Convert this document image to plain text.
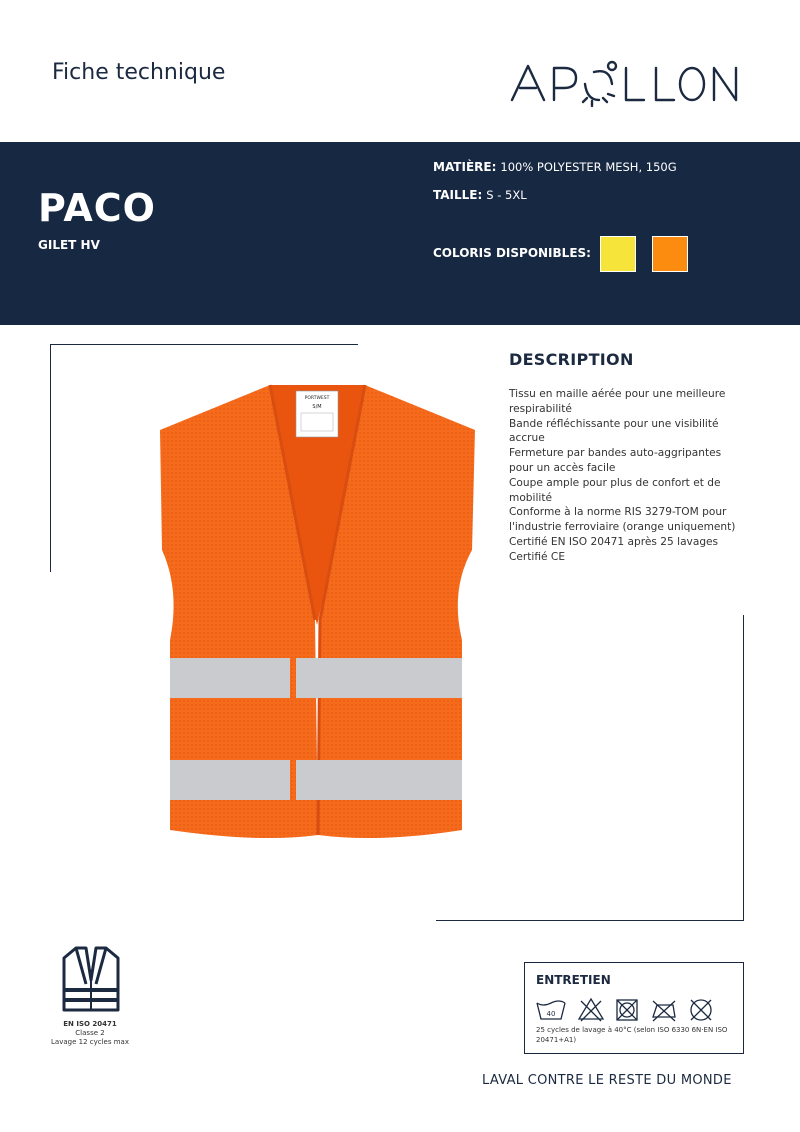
Fiche technique
PACO
GILET HV
MATIÈRE: 100% POLYESTER MESH, 150G
TAILLE: S - 5XL
COLORIS DISPONIBLES:
PORTWEST
S/M
DESCRIPTION
Tissu en maille aérée pour une meilleure
respirabilité
Bande réfléchissante pour une visibilité
accrue
Fermeture par bandes auto-aggripantes
pour un accès facile
Coupe ample pour plus de confort et de
mobilité
Conforme à la norme RIS 3279-TOM pour
l'industrie ferroviaire (orange uniquement)
Certifié EN ISO 20471 après 25 lavages
Certifié CE
EN ISO 20471
Classe 2
Lavage 12 cycles max
ENTRETIEN
40
25 cycles de lavage à 40°C (selon ISO 6330 6N·EN ISO 20471+A1)
LAVAL CONTRE LE RESTE DU MONDE
